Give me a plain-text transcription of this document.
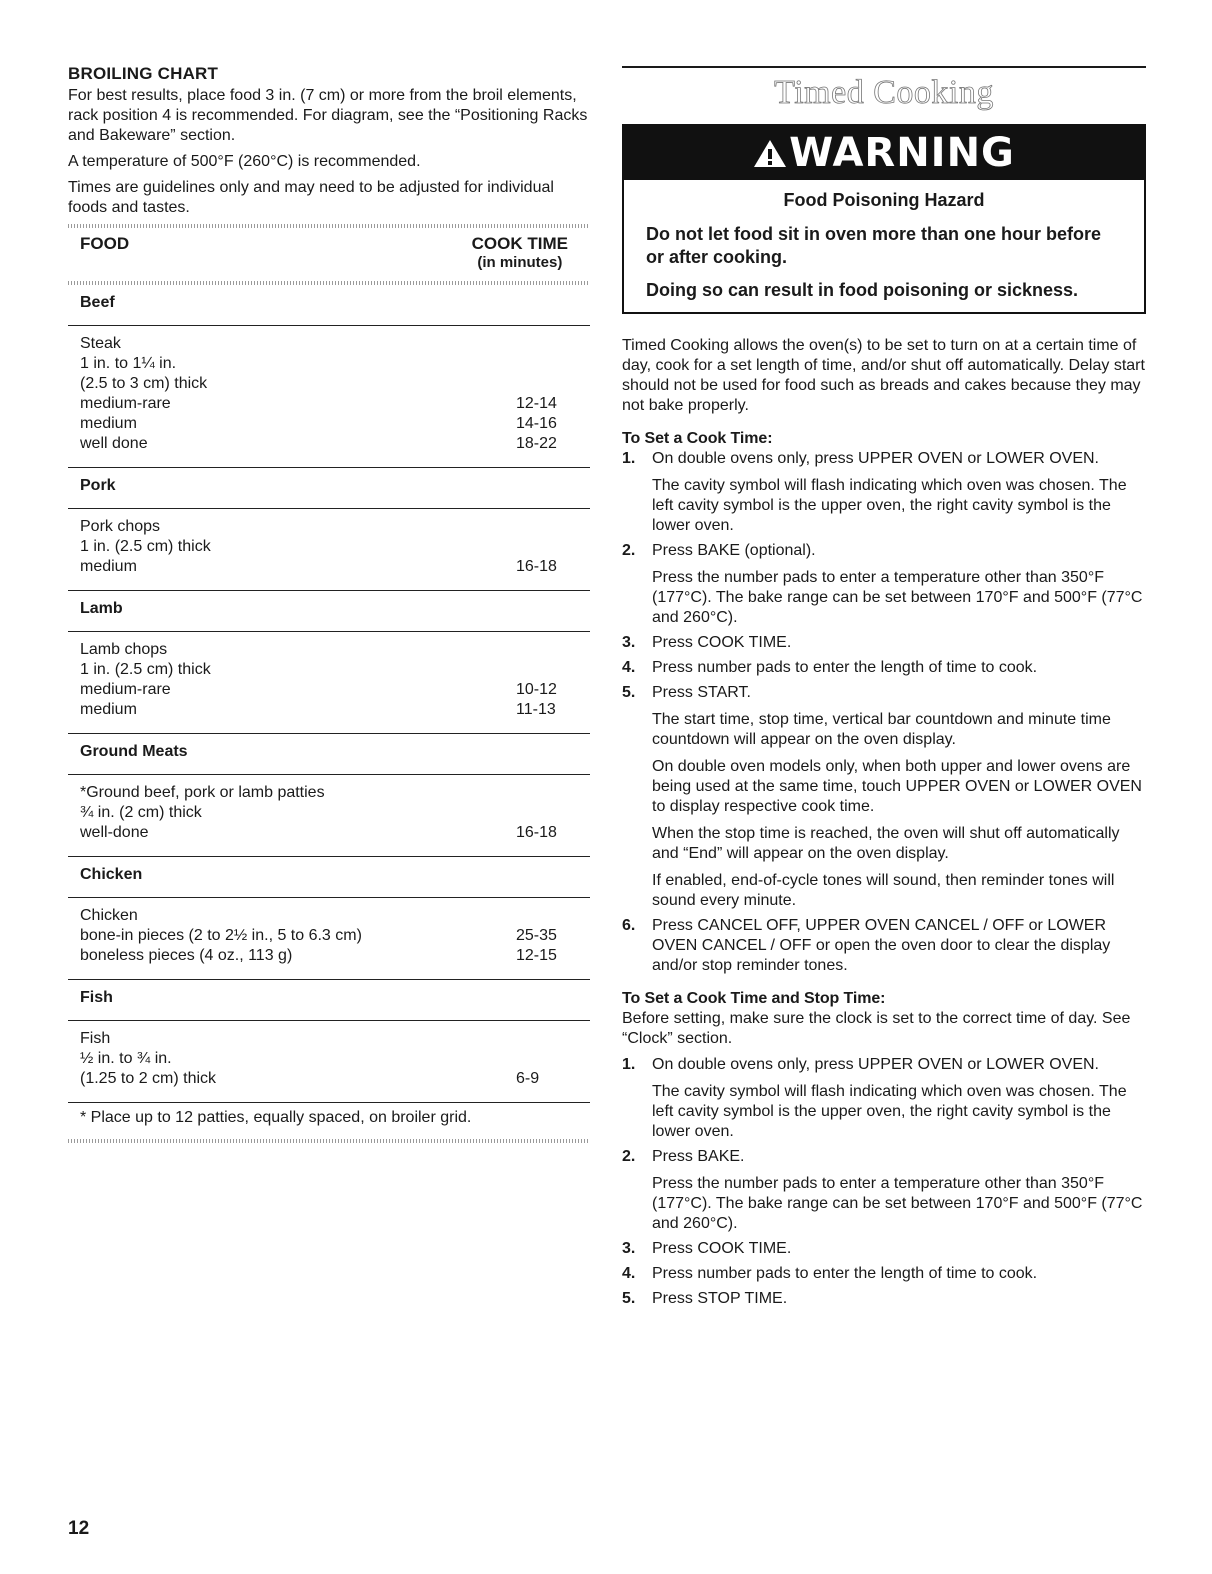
BROILING CHART

For best results, place food 3 in. (7 cm) or more from the broil elements, rack position 4 is recommended. For diagram, see the “Positioning Racks and Bakeware” section.

A temperature of 500°F (260°C) is recommended.

Times are guidelines only and may need to be adjusted for individual foods and tastes.

FOOD	COOK TIME
(in minutes)
Beef
Steak
1 in. to 1¼ in.
(2.5 to 3 cm) thick
medium-rare	12-14
medium	14-16
well done	18-22
Pork
Pork chops
1 in. (2.5 cm) thick
medium	16-18
Lamb
Lamb chops
1 in. (2.5 cm) thick
medium-rare	10-12
medium	11-13
Ground Meats
*Ground beef, pork or lamb patties
¾ in. (2 cm) thick
well-done	16-18
Chicken
Chicken
bone-in pieces (2 to 2½ in., 5 to 6.3 cm)	25-35
boneless pieces (4 oz., 113 g)	12-15
Fish
Fish
½ in. to ¾ in.
(1.25 to 2 cm) thick	6-9
* Place up to 12 patties, equally spaced, on broiler grid.
Timed Cooking
WARNING
Food Poisoning Hazard

Do not let food sit in oven more than one hour before or after cooking.

Doing so can result in food poisoning or sickness.

Timed Cooking allows the oven(s) to be set to turn on at a certain time of day, cook for a set length of time, and/or shut off automatically. Delay start should not be used for food such as breads and cakes because they may not bake properly.

To Set a Cook Time:
1.	On double ovens only, press UPPER OVEN or LOWER OVEN.

The cavity symbol will flash indicating which oven was chosen. The left cavity symbol is the upper oven, the right cavity symbol is the lower oven.

2.	Press BAKE (optional).

Press the number pads to enter a temperature other than 350°F (177°C). The bake range can be set between 170°F and 500°F (77°C and 260°C).

3.	Press COOK TIME.

4.	Press number pads to enter the length of time to cook.

5.	Press START.

The start time, stop time, vertical bar countdown and minute time countdown will appear on the oven display.

On double oven models only, when both upper and lower ovens are being used at the same time, touch UPPER OVEN or LOWER OVEN to display respective cook time.

When the stop time is reached, the oven will shut off automatically and “End” will appear on the oven display.

If enabled, end-of-cycle tones will sound, then reminder tones will sound every minute.

6.	Press CANCEL OFF, UPPER OVEN CANCEL / OFF or LOWER OVEN CANCEL / OFF or open the oven door to clear the display and/or stop reminder tones.

To Set a Cook Time and Stop Time:

Before setting, make sure the clock is set to the correct time of day. See “Clock” section.

1.	On double ovens only, press UPPER OVEN or LOWER OVEN.

The cavity symbol will flash indicating which oven was chosen. The left cavity symbol is the upper oven, the right cavity symbol is the lower oven.

2.	Press BAKE.

Press the number pads to enter a temperature other than 350°F (177°C). The bake range can be set between 170°F and 500°F (77°C and 260°C).

3.	Press COOK TIME.

4.	Press number pads to enter the length of time to cook.

5.	Press STOP TIME.

12
